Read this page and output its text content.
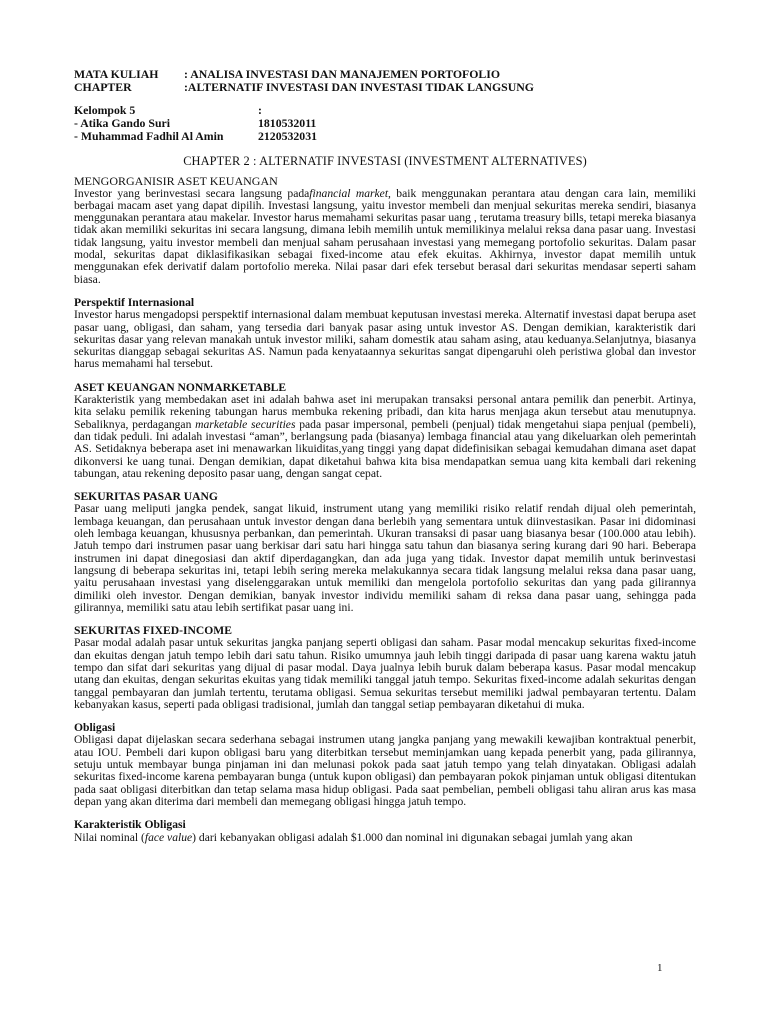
MATA KULIAH : ANALISA INVESTASI DAN MANAJEMEN PORTOFOLIO
CHAPTER	:ALTERNATIF INVESTASI DAN INVESTASI TIDAK LANGSUNG
Kelompok 5	:
- Atika Gando Suri	1810532011
- Muhammad Fadhil Al Amin	2120532031
CHAPTER 2 : ALTERNATIF INVESTASI (INVESTMENT ALTERNATIVES)
MENGORGANISIR ASET KEUANGAN

Investor yang berinvestasi secara langsung padafinancial market, baik menggunakan perantara atau dengan cara lain, memiliki berbagai macam aset yang dapat dipilih. Investasi langsung, yaitu investor membeli dan menjual sekuritas mereka sendiri, biasanya menggunakan perantara atau makelar. Investor harus memahami sekuritas pasar uang , terutama treasury bills, tetapi mereka biasanya tidak akan memiliki sekuritas ini secara langsung, dimana lebih memilih untuk memilikinya melalui reksa dana pasar uang. Investasi tidak langsung, yaitu investor membeli dan menjual saham perusahaan investasi yang memegang portofolio sekuritas. Dalam pasar modal, sekuritas dapat diklasifikasikan sebagai fixed-income atau efek ekuitas. Akhirnya, investor dapat memilih untuk menggunakan efek derivatif dalam portofolio mereka. Nilai pasar dari efek tersebut berasal dari sekuritas mendasar seperti saham biasa.

Perspektif Internasional

Investor harus mengadopsi perspektif internasional dalam membuat keputusan investasi mereka. Alternatif investasi dapat berupa aset pasar uang, obligasi, dan saham, yang tersedia dari banyak pasar asing untuk investor AS. Dengan demikian, karakteristik dari sekuritas dasar yang relevan manakah untuk investor miliki, saham domestik atau saham asing, atau keduanya.Selanjutnya, biasanya sekuritas dianggap sebagai sekuritas AS. Namun pada kenyataannya sekuritas sangat dipengaruhi oleh peristiwa global dan investor harus memahami hal tersebut.

ASET KEUANGAN NONMARKETABLE

Karakteristik yang membedakan aset ini adalah bahwa aset ini merupakan transaksi personal antara pemilik dan penerbit. Artinya, kita selaku pemilik rekening tabungan harus membuka rekening pribadi, dan kita harus menjaga akun tersebut atau menutupnya. Sebaliknya, perdagangan marketable securities pada pasar impersonal, pembeli (penjual) tidak mengetahui siapa penjual (pembeli), dan tidak peduli. Ini adalah investasi “aman”, berlangsung pada (biasanya) lembaga financial atau yang dikeluarkan oleh pemerintah AS. Setidaknya beberapa aset ini menawarkan likuiditas,yang tinggi yang dapat didefinisikan sebagai kemudahan dimana aset dapat dikonversi ke uang tunai. Dengan demikian, dapat diketahui bahwa kita bisa mendapatkan semua uang kita kembali dari rekening tabungan, atau rekening deposito pasar uang, dengan sangat cepat.

SEKURITAS PASAR UANG

Pasar uang meliputi jangka pendek, sangat likuid, instrument utang yang memiliki risiko relatif rendah dijual oleh pemerintah, lembaga keuangan, dan perusahaan untuk investor dengan dana berlebih yang sementara untuk diinvestasikan. Pasar ini didominasi oleh lembaga keuangan, khususnya perbankan, dan pemerintah. Ukuran transaksi di pasar uang biasanya besar (100.000 atau lebih). Jatuh tempo dari instrumen pasar uang berkisar dari satu hari hingga satu tahun dan biasanya sering kurang dari 90 hari. Beberapa instrumen ini dapat dinegosiasi dan aktif diperdagangkan, dan ada juga yang tidak. Investor dapat memilih untuk berinvestasi langsung di beberapa sekuritas ini, tetapi lebih sering mereka melakukannya secara tidak langsung melalui reksa dana pasar uang, yaitu perusahaan investasi yang diselenggarakan untuk memiliki dan mengelola portofolio sekuritas dan yang pada gilirannya dimiliki oleh investor. Dengan demikian, banyak investor individu memiliki saham di reksa dana pasar uang, sehingga pada gilirannya, memiliki satu atau lebih sertifikat pasar uang ini.

SEKURITAS FIXED-INCOME

Pasar modal adalah pasar untuk sekuritas jangka panjang seperti obligasi dan saham. Pasar modal mencakup sekuritas fixed-income dan ekuitas dengan jatuh tempo lebih dari satu tahun. Risiko umumnya jauh lebih tinggi daripada di pasar uang karena waktu jatuh tempo dan sifat dari sekuritas yang dijual di pasar modal. Daya jualnya lebih buruk dalam beberapa kasus. Pasar modal mencakup utang dan ekuitas, dengan sekuritas ekuitas yang tidak memiliki tanggal jatuh tempo. Sekuritas fixed-income adalah sekuritas dengan tanggal pembayaran dan jumlah tertentu, terutama obligasi. Semua sekuritas tersebut memiliki jadwal pembayaran tertentu. Dalam kebanyakan kasus, seperti pada obligasi tradisional, jumlah dan tanggal setiap pembayaran diketahui di muka.

Obligasi

Obligasi dapat dijelaskan secara sederhana sebagai instrumen utang jangka panjang yang mewakili kewajiban kontraktual penerbit, atau IOU. Pembeli dari kupon obligasi baru yang diterbitkan tersebut meminjamkan uang kepada penerbit yang, pada gilirannya, setuju untuk membayar bunga pinjaman ini dan melunasi pokok pada saat jatuh tempo yang telah dinyatakan. Obligasi adalah sekuritas fixed-income karena pembayaran bunga (untuk kupon obligasi) dan pembayaran pokok pinjaman untuk obligasi ditentukan pada saat obligasi diterbitkan dan tetap selama masa hidup obligasi. Pada saat pembelian, pembeli obligasi tahu aliran arus kas masa depan yang akan diterima dari membeli dan memegang obligasi hingga jatuh tempo.

Karakteristik Obligasi

Nilai nominal (face value) dari kebanyakan obligasi adalah $1.000 dan nominal ini digunakan sebagai jumlah yang akan

1
